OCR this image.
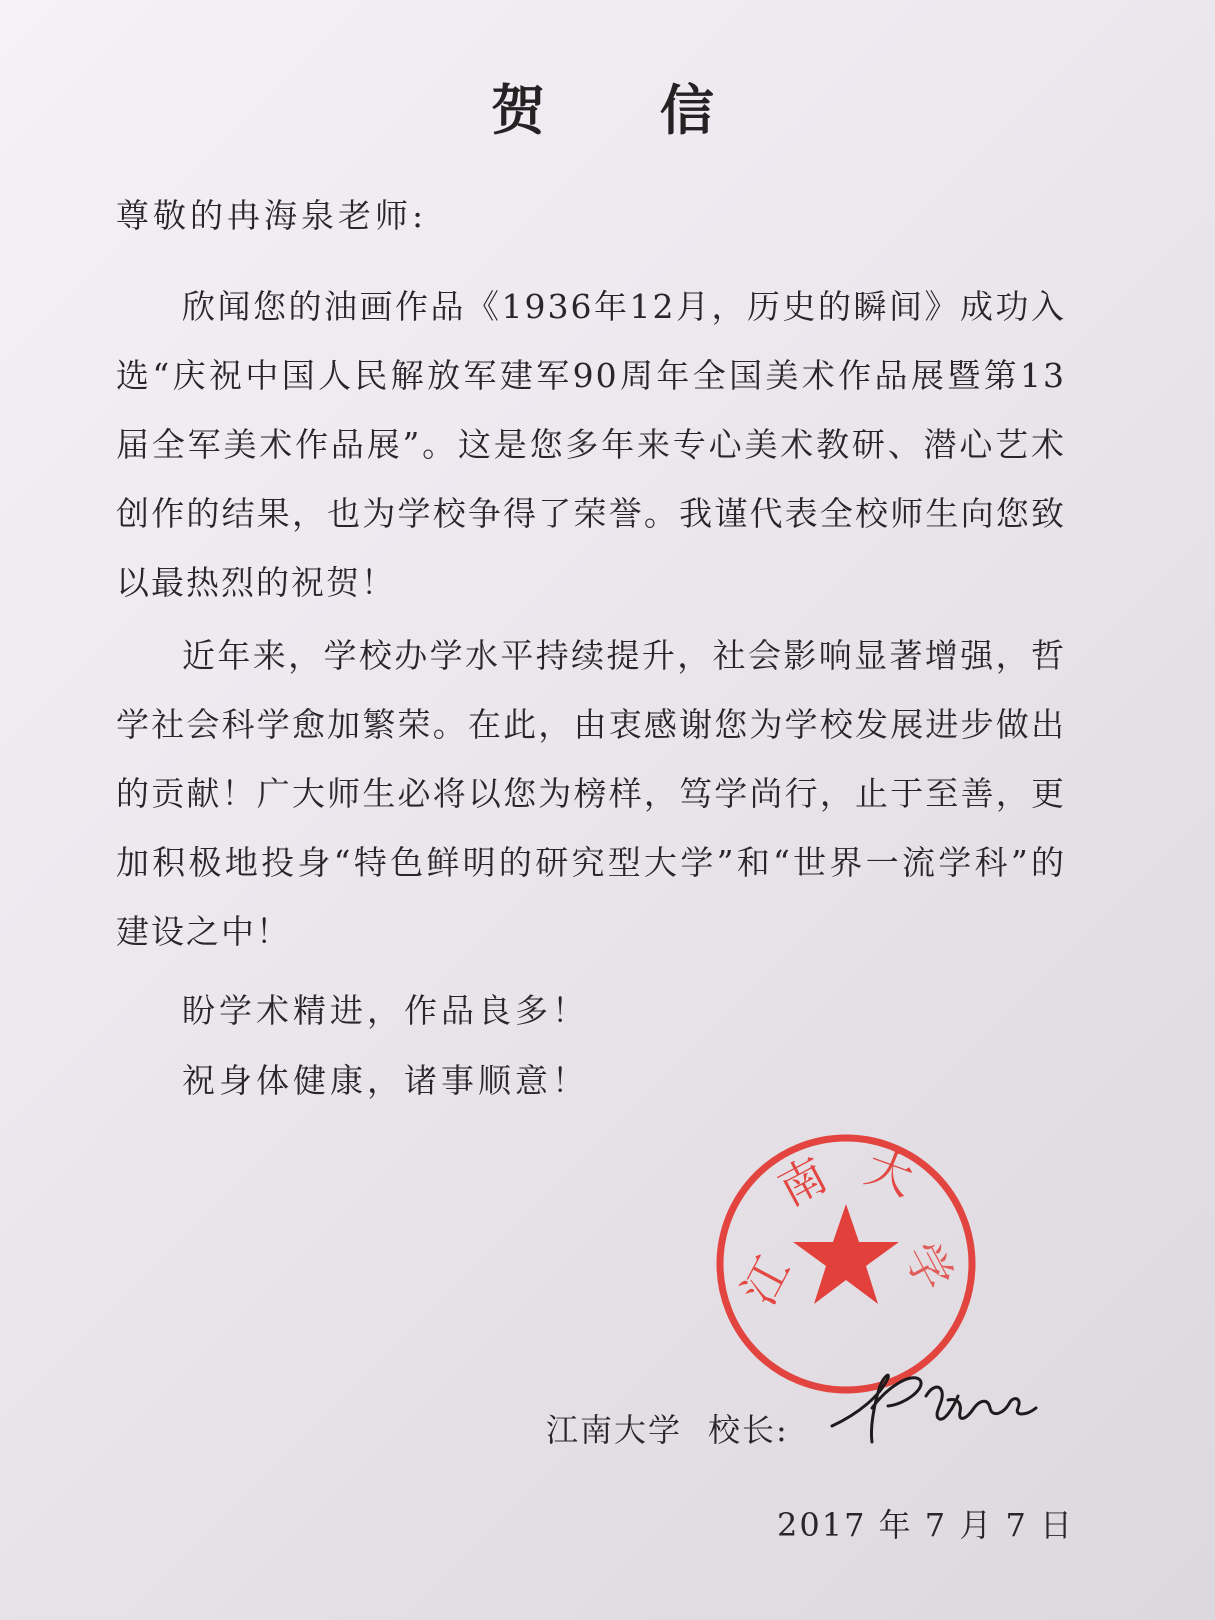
贺 信
尊敬的冉海泉老师:
欣闻您的油画作品《1936年12月，历史的瞬间》成功入选“庆祝中国人民解放军建军90周年全国美术作品展暨第13届全军美术作品展”。这是您多年来专心美术教研、潜心艺术创作的结果，也为学校争得了荣誉。我谨代表全校师生向您致以最热烈的祝贺！
近年来，学校办学水平持续提升，社会影响显著增强，哲学社会科学愈加繁荣。在此，由衷感谢您为学校发展进步做出的贡献！广大师生必将以您为榜样，笃学尚行，止于至善，更加积极地投身“特色鲜明的研究型大学”和“世界一流学科”的建设之中！
盼学术精进，作品良多！
祝身体健康，诸事顺意！
江
南 大
学
江南大学 校长:
2017 年 7 月 7 日
